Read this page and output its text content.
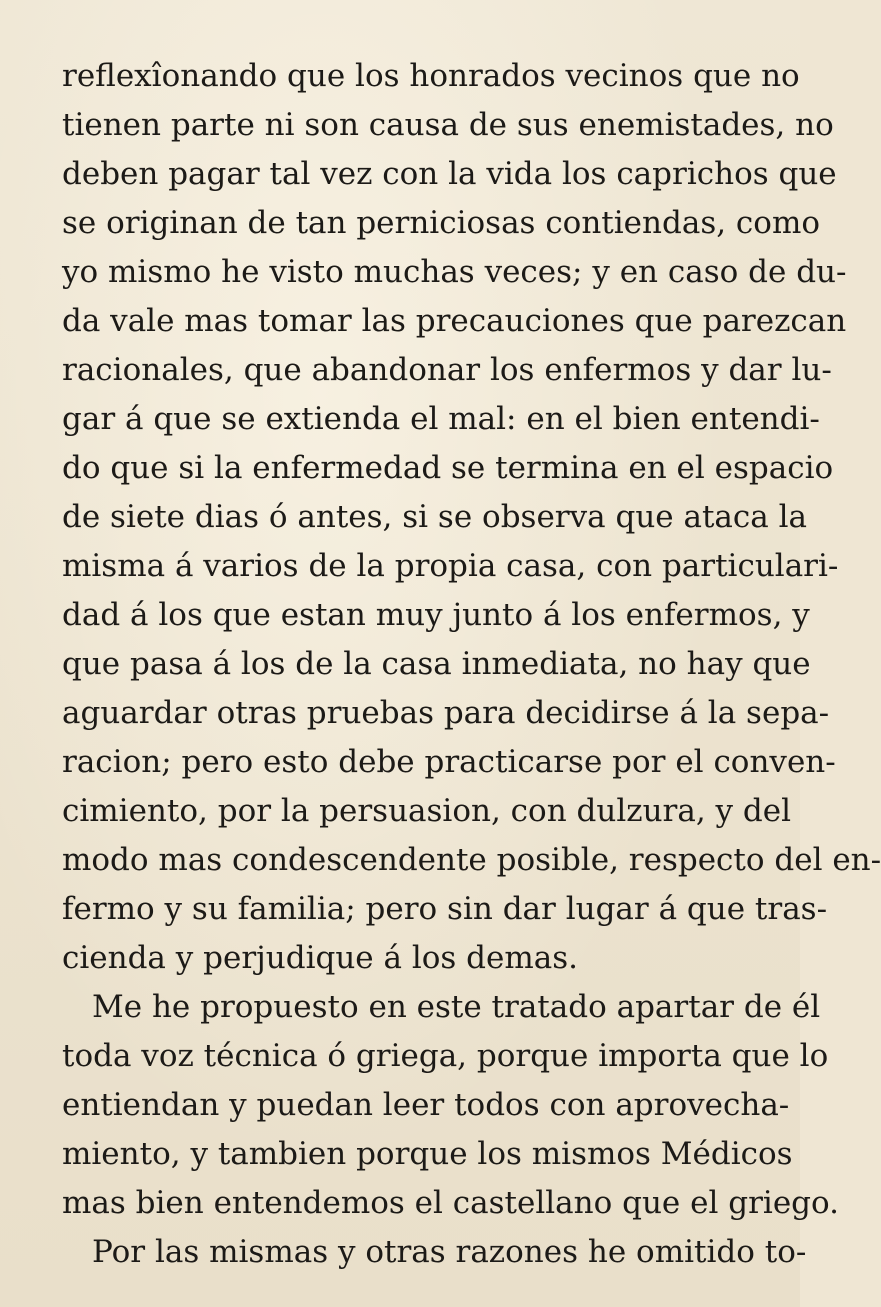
reflexîonando que los honrados vecinos que no
tienen parte ni son causa de sus enemistades, no
deben pagar tal vez con la vida los caprichos que
se originan de tan perniciosas contiendas, como
yo mismo he visto muchas veces; y en caso de du-
da vale mas tomar las precauciones que parezcan
racionales, que abandonar los enfermos y dar lu-
gar á que se extienda el mal: en el bien entendi-
do que si la enfermedad se termina en el espacio
de siete dias ó antes, si se observa que ataca la
misma á varios de la propia casa, con particulari-
dad á los que estan muy junto á los enfermos, y
que pasa á los de la casa inmediata, no hay que
aguardar otras pruebas para decidirse á la sepa-
racion; pero esto debe practicarse por el conven-
cimiento, por la persuasion, con dulzura, y del
modo mas condescendente posible, respecto del en-
fermo y su familia; pero sin dar lugar á que tras-
cienda y perjudique á los demas.
Me he propuesto en este tratado apartar de él
toda voz técnica ó griega, porque importa que lo
entiendan y puedan leer todos con aprovecha-
miento, y tambien porque los mismos Médicos
mas bien entendemos el castellano que el griego.
Por las mismas y otras razones he omitido to-
